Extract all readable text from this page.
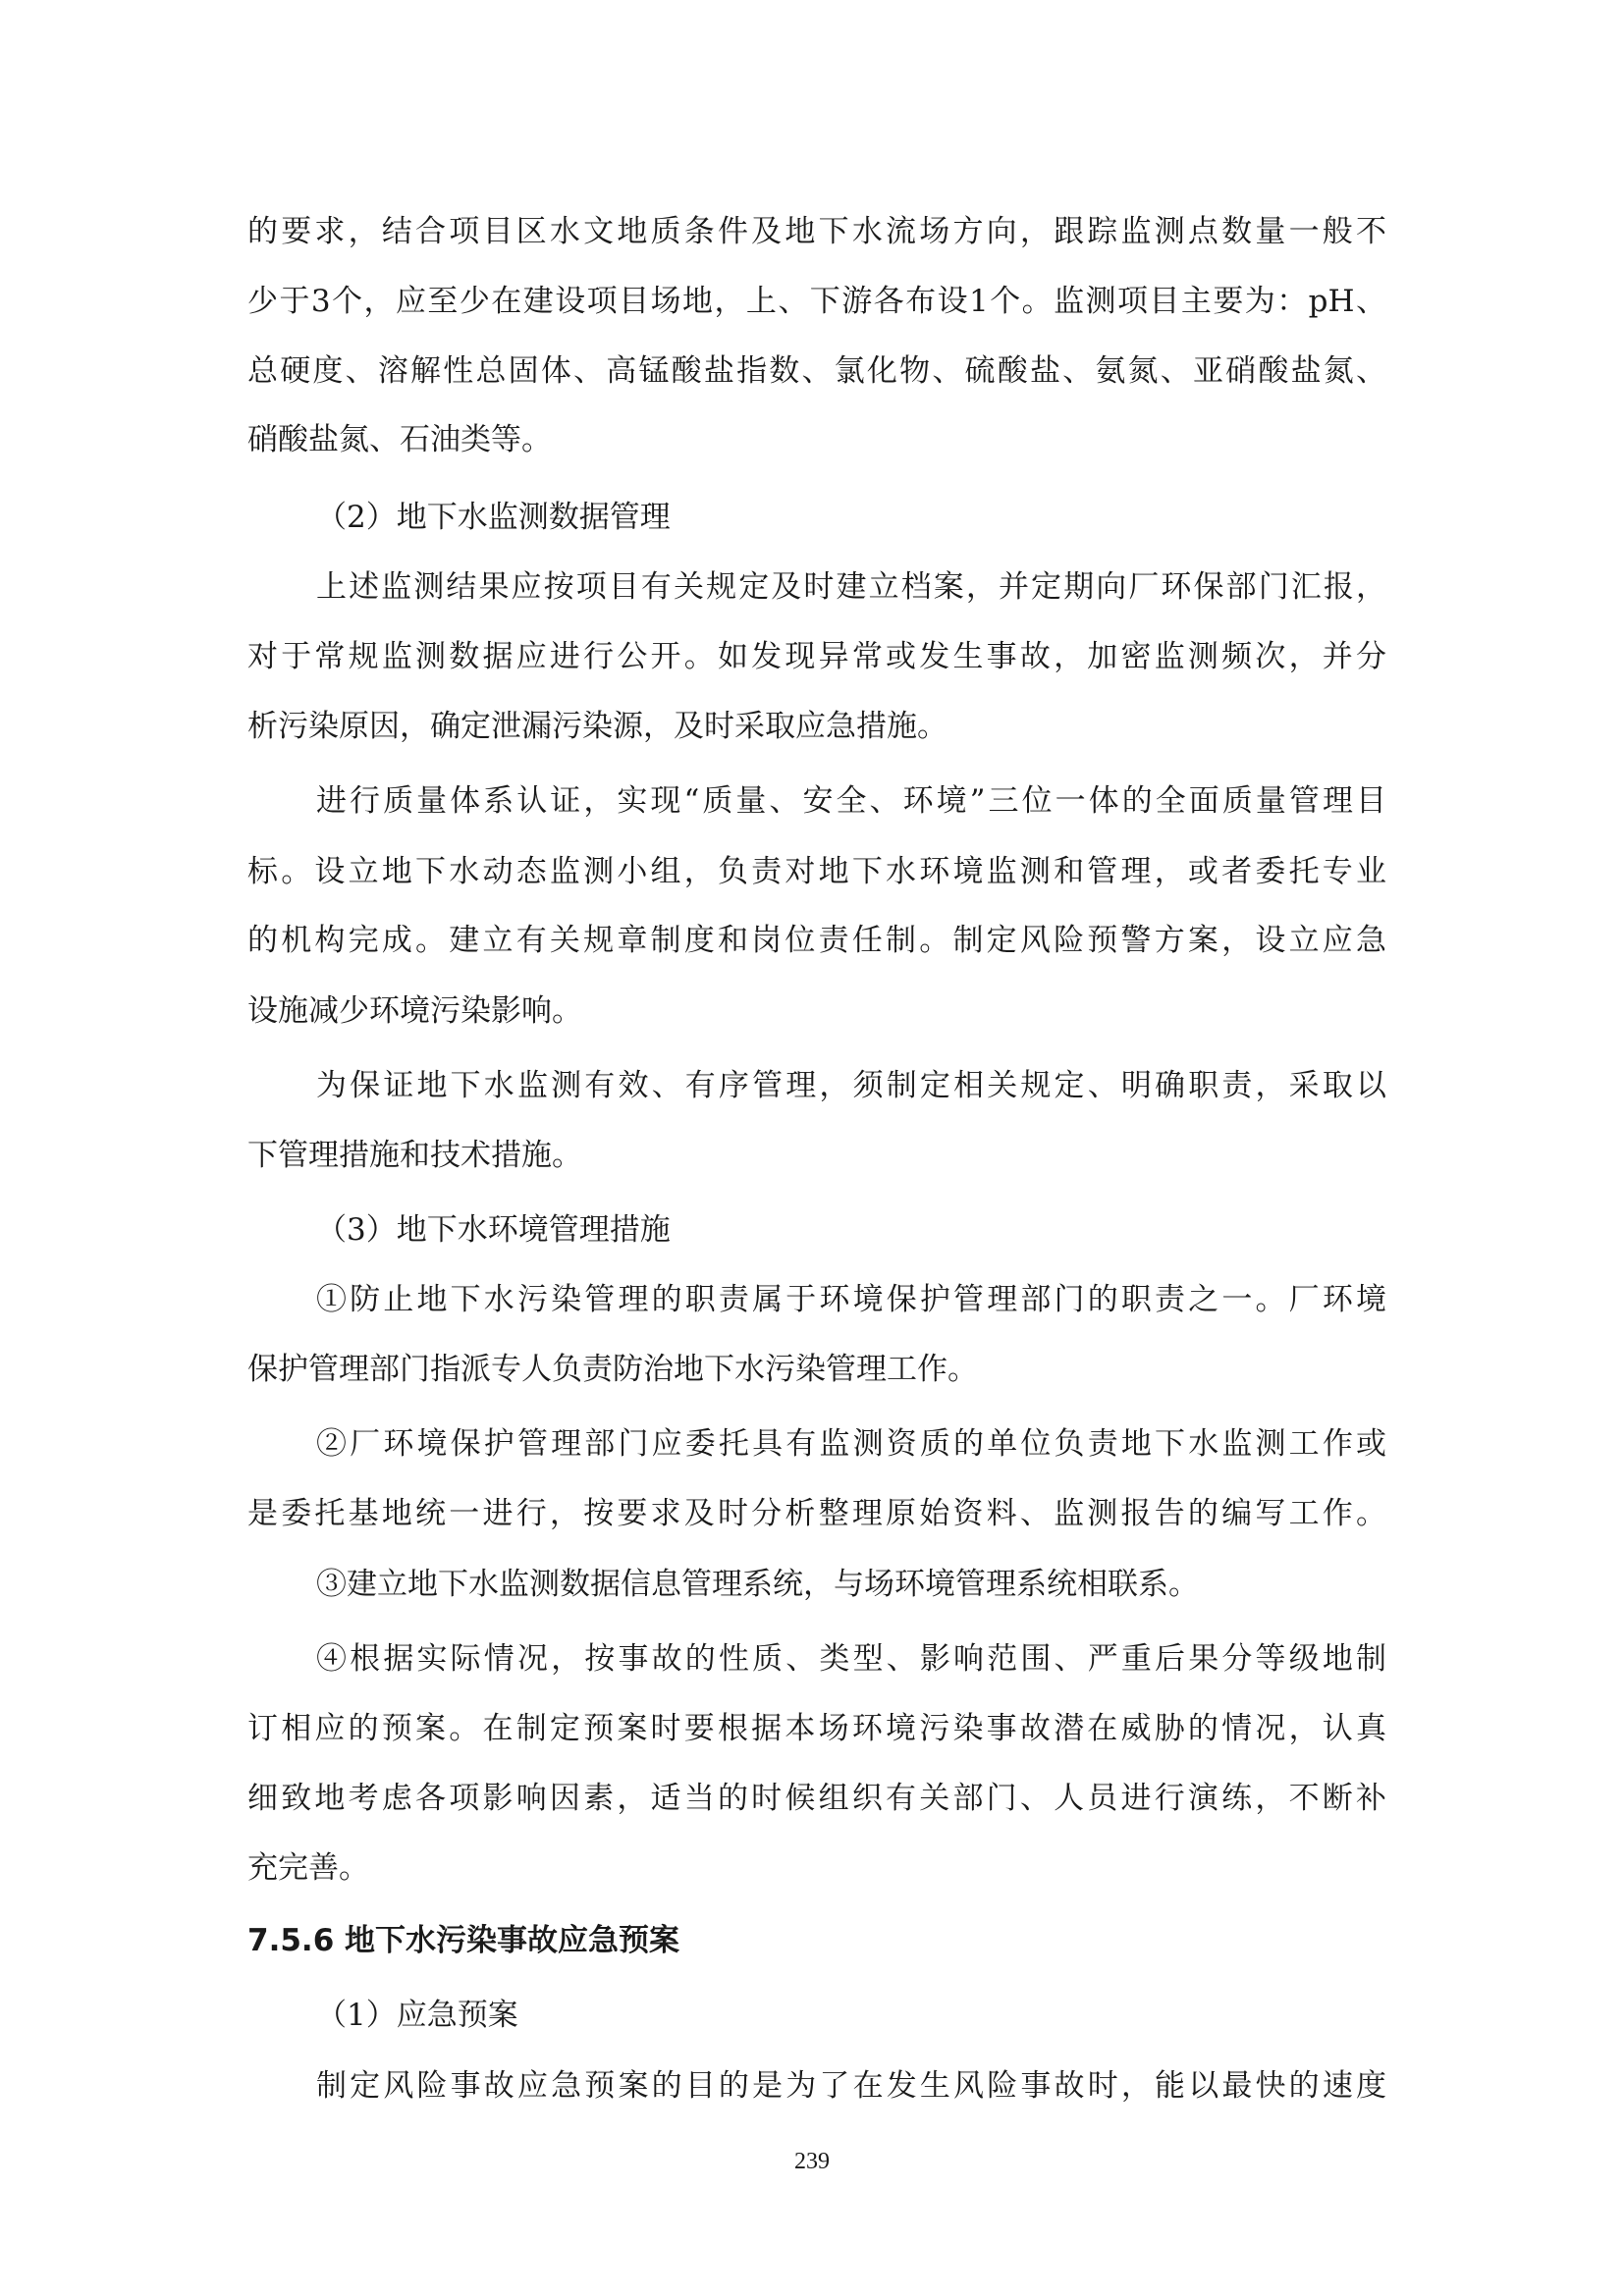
的要求，结合项目区水文地质条件及地下水流场方向，跟踪监测点数量一般不
少于3个，应至少在建设项目场地，上、下游各布设1个。监测项目主要为：pH、
总硬度、溶解性总固体、高锰酸盐指数、氯化物、硫酸盐、氨氮、亚硝酸盐氮、
硝酸盐氮、石油类等。
（2）地下水监测数据管理
上述监测结果应按项目有关规定及时建立档案，并定期向厂环保部门汇报，
对于常规监测数据应进行公开。如发现异常或发生事故，加密监测频次，并分
析污染原因，确定泄漏污染源，及时采取应急措施。
进行质量体系认证，实现“质量、安全、环境”三位一体的全面质量管理目
标。设立地下水动态监测小组，负责对地下水环境监测和管理，或者委托专业
的机构完成。建立有关规章制度和岗位责任制。制定风险预警方案，设立应急
设施减少环境污染影响。
为保证地下水监测有效、有序管理，须制定相关规定、明确职责，采取以
下管理措施和技术措施。
（3）地下水环境管理措施
①防止地下水污染管理的职责属于环境保护管理部门的职责之一。厂环境
保护管理部门指派专人负责防治地下水污染管理工作。
②厂环境保护管理部门应委托具有监测资质的单位负责地下水监测工作或
是委托基地统一进行，按要求及时分析整理原始资料、监测报告的编写工作。
③建立地下水监测数据信息管理系统，与场环境管理系统相联系。
④根据实际情况，按事故的性质、类型、影响范围、严重后果分等级地制
订相应的预案。在制定预案时要根据本场环境污染事故潜在威胁的情况，认真
细致地考虑各项影响因素，适当的时候组织有关部门、人员进行演练，不断补
充完善。
7.5.6 地下水污染事故应急预案
（1）应急预案
制定风险事故应急预案的目的是为了在发生风险事故时，能以最快的速度
239
